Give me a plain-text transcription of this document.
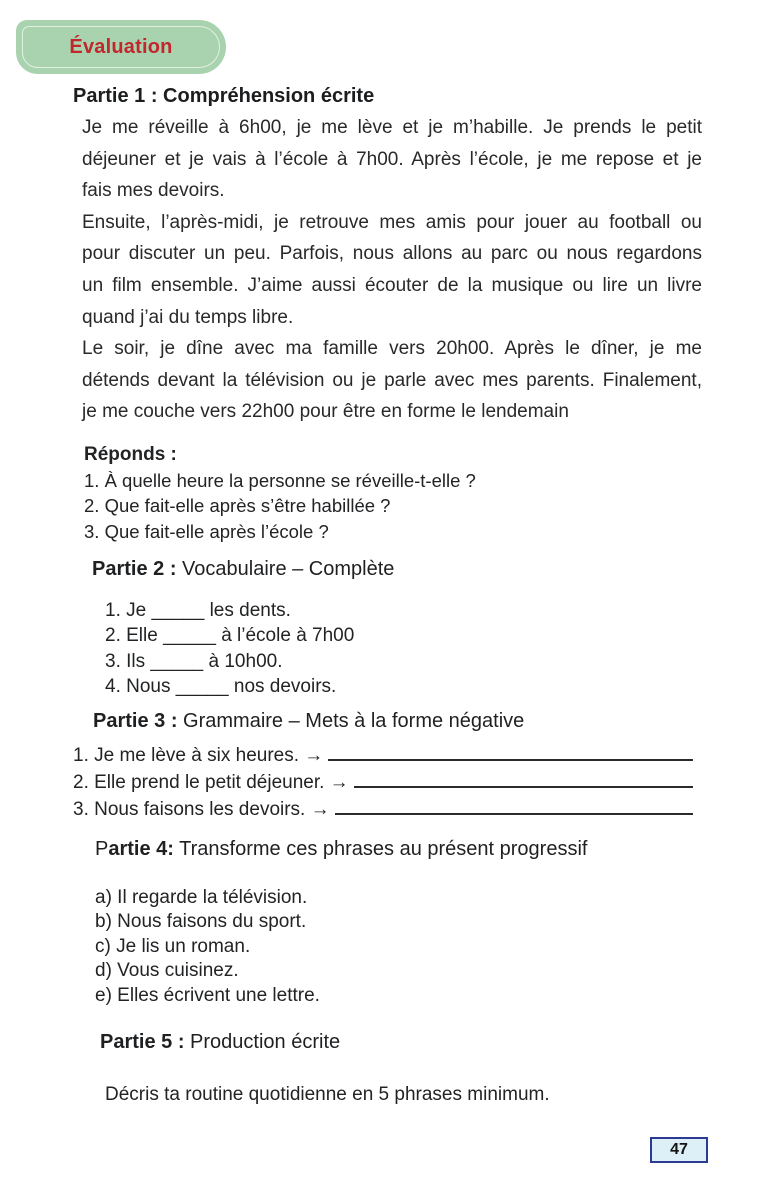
Évaluation
Partie 1 : Compréhension écrite
Je me réveille à 6h00, je me lève et je m’habille. Je prends le petit
déjeuner et je vais à l’école à 7h00. Après l’école, je me repose et je
fais mes devoirs.
Ensuite, l’après-midi, je retrouve mes amis pour jouer au football ou
pour discuter un peu. Parfois, nous allons au parc ou nous regardons
un film ensemble. J’aime aussi écouter de la musique ou lire un livre
quand j’ai du temps libre.
Le soir, je dîne avec ma famille vers 20h00. Après le dîner, je me
détends devant la télévision ou je parle avec mes parents. Finalement,
je me couche vers 22h00 pour être en forme le lendemain
Réponds :
1. À quelle heure la personne se réveille-t-elle ?
2. Que fait-elle après s’être habillée ?
3. Que fait-elle après l’école ?
Partie 2 : Vocabulaire – Complète
1. Je _____ les dents.
2. Elle _____ à l’école à 7h00
3. Ils _____ à 10h00.
4. Nous _____ nos devoirs.
Partie 3 : Grammaire – Mets à la forme négative
1. Je me lève à six heures. →
2. Elle prend le petit déjeuner. →
3. Nous faisons les devoirs. →
Partie 4: Transforme ces phrases au présent progressif
a) Il regarde la télévision.
b) Nous faisons du sport.
c) Je lis un roman.
d) Vous cuisinez.
e) Elles écrivent une lettre.
Partie 5 : Production écrite
Décris ta routine quotidienne en 5 phrases minimum.
47
